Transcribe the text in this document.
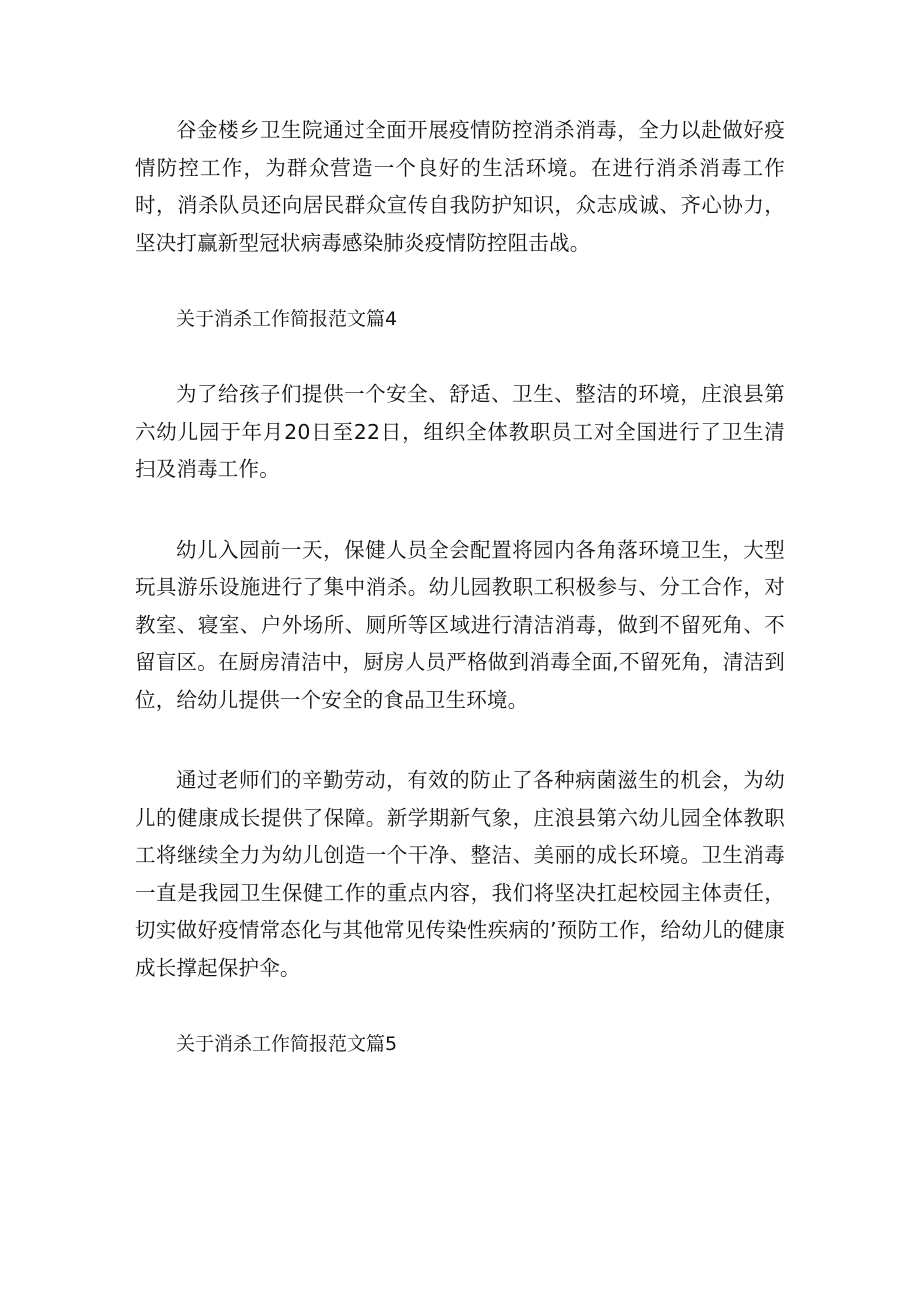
谷金楼乡卫生院通过全面开展疫情防控消杀消毒，全力以赴做好疫情防控工作，为群众营造一个良好的生活环境。在进行消杀消毒工作时，消杀队员还向居民群众宣传自我防护知识，众志成诚、齐心协力，坚决打赢新型冠状病毒感染肺炎疫情防控阻击战。

关于消杀工作简报范文篇4

为了给孩子们提供一个安全、舒适、卫生、整洁的环境，庄浪县第六幼儿园于年月20日至22日，组织全体教职员工对全国进行了卫生清扫及消毒工作。

幼儿入园前一天，保健人员全会配置将园内各角落环境卫生，大型玩具游乐设施进行了集中消杀。幼儿园教职工积极参与、分工合作，对教室、寝室、户外场所、厕所等区域进行清洁消毒，做到不留死角、不留盲区。在厨房清洁中，厨房人员严格做到消毒全面,不留死角，清洁到位，给幼儿提供一个安全的食品卫生环境。

通过老师们的辛勤劳动，有效的防止了各种病菌滋生的机会，为幼儿的健康成长提供了保障。新学期新气象，庄浪县第六幼儿园全体教职工将继续全力为幼儿创造一个干净、整洁、美丽的成长环境。卫生消毒一直是我园卫生保健工作的重点内容，我们将坚决扛起校园主体责任，切实做好疫情常态化与其他常见传染性疾病的’预防工作，给幼儿的健康成长撑起保护伞。

关于消杀工作简报范文篇5
